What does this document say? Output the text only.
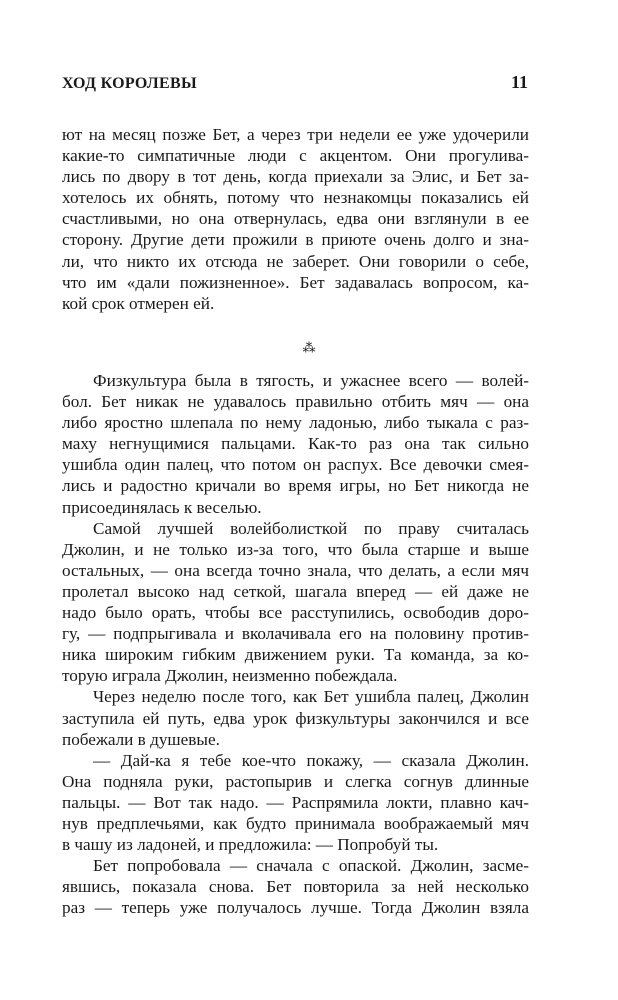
ХОД КОРОЛЕВЫ	11
ют на месяц позже Бет, а через три недели ее уже удочерили
какие-то симпатичные люди с акцентом. Они прогулива-
лись по двору в тот день, когда приехали за Элис, и Бет за-
хотелось их обнять, потому что незнакомцы показались ей
счастливыми, но она отвернулась, едва они взглянули в ее
сторону. Другие дети прожили в приюте очень долго и зна-
ли, что никто их отсюда не заберет. Они говорили о себе,
что им «дали пожизненное». Бет задавалась вопросом, ка-
кой срок отмерен ей.
⁂
Физкультура была в тягость, и ужаснее всего — волей-
бол. Бет никак не удавалось правильно отбить мяч — она
либо яростно шлепала по нему ладонью, либо тыкала с раз-
маху негнущимися пальцами. Как-то раз она так сильно
ушибла один палец, что потом он распух. Все девочки смея-
лись и радостно кричали во время игры, но Бет никогда не
присоединялась к веселью.
Самой лучшей волейболисткой по праву считалась
Джолин, и не только из-за того, что была старше и выше
остальных, — она всегда точно знала, что делать, а если мяч
пролетал высоко над сеткой, шагала вперед — ей даже не
надо было орать, чтобы все расступились, освободив доро-
гу, — подпрыгивала и вколачивала его на половину против-
ника широким гибким движением руки. Та команда, за ко-
торую играла Джолин, неизменно побеждала.
Через неделю после того, как Бет ушибла палец, Джолин
заступила ей путь, едва урок физкультуры закончился и все
побежали в душевые.
— Дай-ка я тебе кое-что покажу, — сказала Джолин.
Она подняла руки, растопырив и слегка согнув длинные
пальцы. — Вот так надо. — Распрямила локти, плавно кач-
нув предплечьями, как будто принимала воображаемый мяч
в чашу из ладоней, и предложила: — Попробуй ты.
Бет попробовала — сначала с опаской. Джолин, засме-
явшись, показала снова. Бет повторила за ней несколько
раз — теперь уже получалось лучше. Тогда Джолин взяла
